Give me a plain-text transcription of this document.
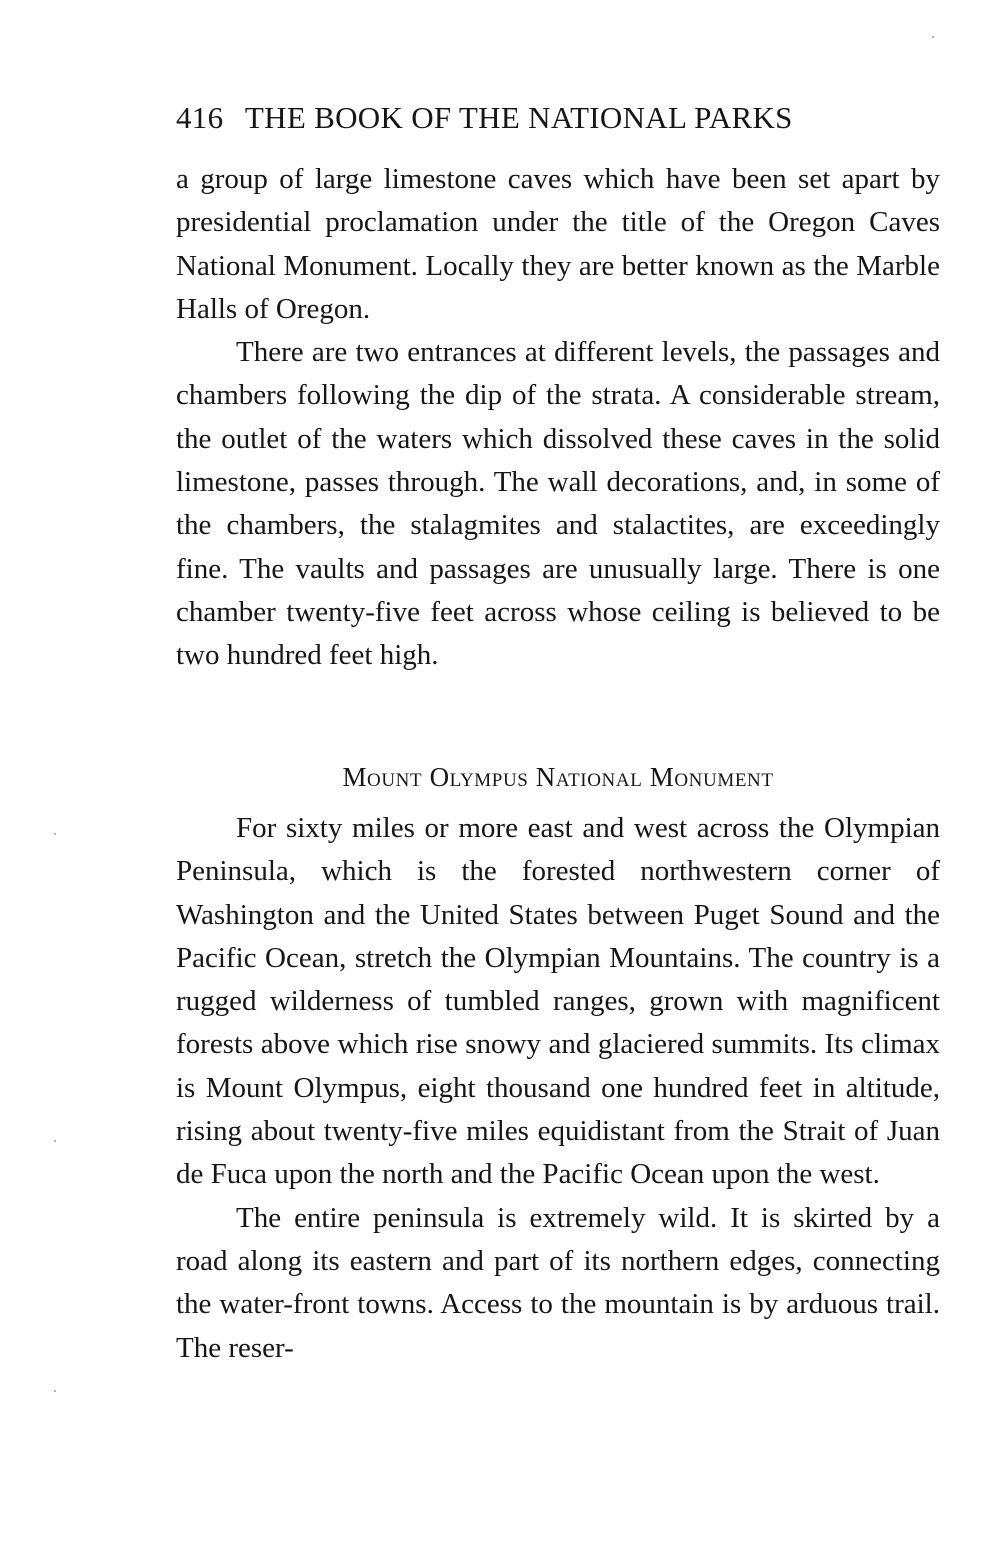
416 THE BOOK OF THE NATIONAL PARKS

a group of large limestone caves which have been set apart by presidential proclamation under the title of the Oregon Caves National Monument. Locally they are better known as the Marble Halls of Oregon.

There are two entrances at different levels, the passages and chambers following the dip of the strata. A considerable stream, the outlet of the waters which dissolved these caves in the solid limestone, passes through. The wall decorations, and, in some of the chambers, the stalagmites and stalactites, are exceedingly fine. The vaults and passages are unusually large. There is one chamber twenty-five feet across whose ceiling is believed to be two hundred feet high.

Mount Olympus National Monument

For sixty miles or more east and west across the Olympian Peninsula, which is the forested northwestern corner of Washington and the United States between Puget Sound and the Pacific Ocean, stretch the Olympian Mountains. The country is a rugged wilderness of tumbled ranges, grown with magnificent forests above which rise snowy and glaciered summits. Its climax is Mount Olympus, eight thousand one hundred feet in altitude, rising about twenty-five miles equidistant from the Strait of Juan de Fuca upon the north and the Pacific Ocean upon the west.

The entire peninsula is extremely wild. It is skirted by a road along its eastern and part of its northern edges, connecting the water-front towns. Access to the mountain is by arduous trail. The reser-
